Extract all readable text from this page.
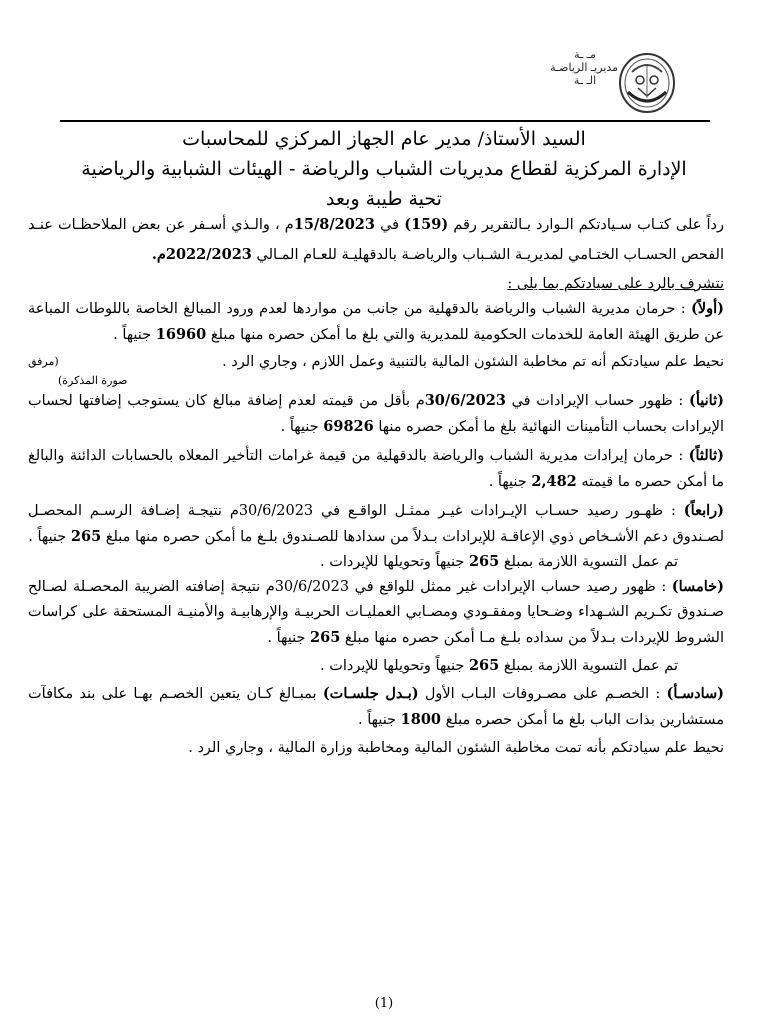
مـ ـة
مديريـ الرياضـة
الـ ـة
السيد الأستاذ/ مدير عام الجهاز المركزي للمحاسبات
الإدارة المركزية لقطاع مديريات الشباب والرياضة - الهيئات الشبابية والرياضية
تحية طيبة وبعد
رداً على كتـاب سـيادتكم الـوارد بـالتقرير رقم (159) في 15/8/2023م ، والـذي أسـفر عن بعض الملاحظـات عنـد الفحص الحسـاب الختـامي لمديريـة الشـباب والرياضـة بالدقهليـة للعـام المـالي 2022/2023م.
نتشرف بالرد على سيادتكم بما يلى :
(أولاً) : حرمان مديرية الشباب والرياضة بالدقهلية من جانب من مواردها لعدم ورود المبالغ الخاصة باللوطات المباعة عن طريق الهيئة العامة للخدمات الحكومية للمديرية والتي بلغ ما أمكن حصره منها مبلغ 16960 جنيهاً .
نحيط علم سيادتكم أنه تم مخاطبة الشئون المالية بالتنبية وعمل اللازم ، وجاري الرد .
(مرفق
صورة المذكرة)
(ثانيأ) : ظهور حساب الإيرادات في 30/6/2023م بأقل من قيمته لعدم إضافة مبالغ كان يستوجب إضافتها لحساب الإيرادات بحساب التأمينات النهائية بلغ ما أمكن حصره منها 69826 جنيهاً .
(ثالثاً) : حرمان إيرادات مديرية الشباب والرياضة بالدقهلية من قيمة غرامات التأخير المعلاه بالحسابات الدائنة والبالغ ما أمكن حصره ما قيمته 2,482 جنيهاً .
(رابعاً) : ظهـور رصيد حسـاب الإيـرادات غيـر ممثـل الواقـع في 30/6/2023م نتيجـة إضـافة الرسـم المحصـل لصـندوق دعم الأشـخاص ذوي الإعاقـة للإيرادات بـدلاً من سدادها للصـندوق بلـغ ما أمكن حصره منها مبلغ 265 جنيهاً .
تم عمل التسوية اللازمة بمبلغ 265 جنيهاً وتحويلها للإيردات .
(خامسا) : ظهور رصيد حساب الإيرادات غير ممثل للواقع في 30/6/2023م نتيجة إضافته الضريبة المحصـلة لصـالح صـندوق تكـريم الشـهداء وضـحايا ومفقـودي ومصـابي العمليـات الحربيـة والإرهابيـة والأمنيـة المستحقة على كراسات الشروط للإيردات بـدلاً من سداده بلـغ مـا أمكن حصره منها مبلغ 265 جنيهاً .
تم عمل التسوية اللازمة بمبلغ 265 جنيهاً وتحويلها للإيردات .
(سادسـأ) : الخصـم على مصـروفات البـاب الأول (بـدل جلسـات) بمبـالغ كـان يتعين الخصـم بهـا على بند مكافآت مستشارين بذات الباب بلغ ما أمكن حصره مبلغ 1800 جنيهاً .
نحيط علم سيادتكم بأنه تمت مخاطبة الشئون المالية ومخاطبة وزارة المالية ، وجاري الرد .
(1)
